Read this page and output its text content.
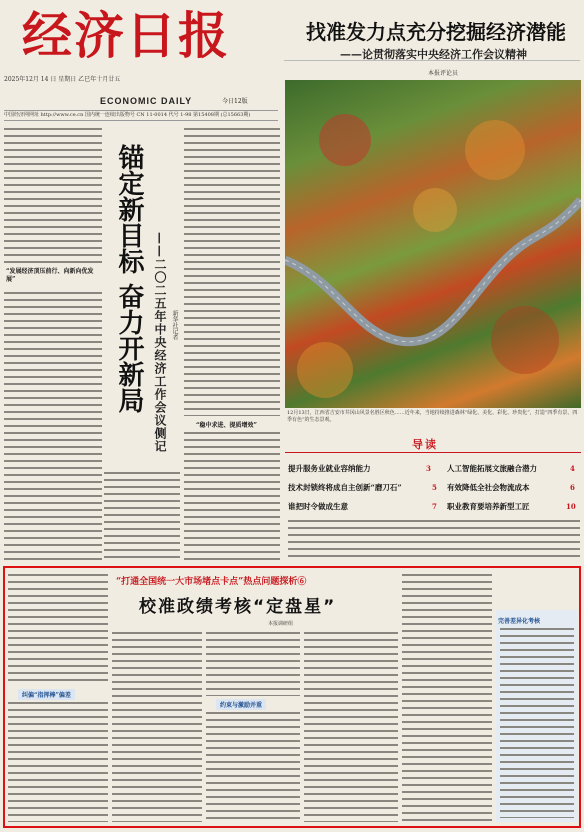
经济日报
2025年12月 14 日 星期日 乙巳年十月廿五
ECONOMIC DAILY	今日12版
中国经济网网址 http://www.ce.cn 国内统一连续出版物号 CN 11-0014 代号 1-98 第15408期 (总15663期)
找准发力点充分挖掘经济潜能
——论贯彻落实中央经济工作会议精神
本报评论员
“发展经济顶压前行、向新向优发展”	锚定新目标 奋力开新局 ——二〇二五年中央经济工作会议侧记 新华社记者
“稳中求进、提质增效”
12月13日，江西省吉安市井冈山风景名胜区秋色……近年来，当地持续推进森林“绿化、美化、彩化、珍贵化”，打造“四季有景、四季有色”的生态景观。
导读
提升服务业就业容纳能力	3 人工智能拓展文旅融合潜力	4
技术封锁终将成自主创新“磨刀石”	5 有效降低全社会物流成本	6
谁把时令做成生意	7 职业教育要培养新型工匠	10
“打通全国统一大市场堵点卡点”热点问题探析⑥
校准政绩考核“定盘星”
本报调研组
纠偏“指挥棒”偏差
约束与激励并重
完善差异化考核
